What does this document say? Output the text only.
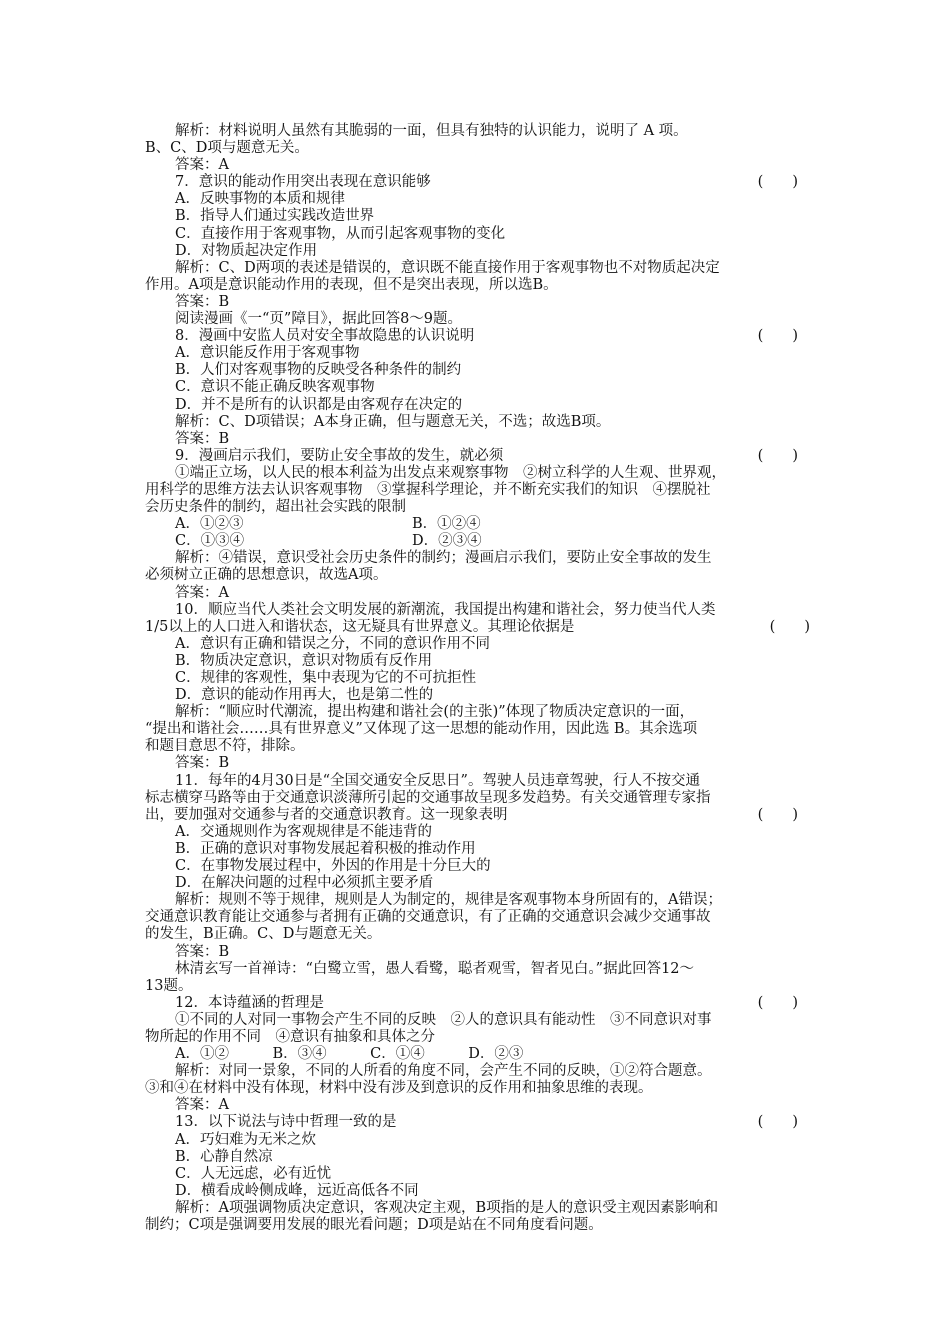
解析：材料说明人虽然有其脆弱的一面，但具有独特的认识能力，说明了 A 项。
B、C、D项与题意无关。
答案：A
7．意识的能动作用突出表现在意识能够	(　　)
A．反映事物的本质和规律
B．指导人们通过实践改造世界
C．直接作用于客观事物，从而引起客观事物的变化
D．对物质起决定作用
解析：C、D两项的表述是错误的，意识既不能直接作用于客观事物也不对物质起决定
作用。A项是意识能动作用的表现，但不是突出表现，所以选B。
答案：B
阅读漫画《一“页”障目》，据此回答8～9题。
8．漫画中安监人员对安全事故隐患的认识说明	(　　)
A．意识能反作用于客观事物
B．人们对客观事物的反映受各种条件的制约
C．意识不能正确反映客观事物
D．并不是所有的认识都是由客观存在决定的
解析：C、D项错误；A本身正确，但与题意无关，不选；故选B项。
答案：B
9．漫画启示我们，要防止安全事故的发生，就必须	(　　)
①端正立场，以人民的根本利益为出发点来观察事物　②树立科学的人生观、世界观，
用科学的思维方法去认识客观事物　③掌握科学理论，并不断充实我们的知识　④摆脱社
会历史条件的制约，超出社会实践的限制
A．①②③	B．①②④
C．①③④	D．②③④
解析：④错误，意识受社会历史条件的制约；漫画启示我们，要防止安全事故的发生
必须树立正确的思想意识，故选A项。
答案：A
10．顺应当代人类社会文明发展的新潮流，我国提出构建和谐社会，努力使当代人类
1/5以上的人口进入和谐状态，这无疑具有世界意义。其理论依据是	(　　)
A．意识有正确和错误之分，不同的意识作用不同
B．物质决定意识，意识对物质有反作用
C．规律的客观性，集中表现为它的不可抗拒性
D．意识的能动作用再大，也是第二性的
解析：“顺应时代潮流，提出构建和谐社会(的主张)”体现了物质决定意识的一面，
“提出和谐社会……具有世界意义”又体现了这一思想的能动作用，因此选 B。其余选项
和题目意思不符，排除。
答案：B
11．每年的4月30日是“全国交通安全反思日”。驾驶人员违章驾驶，行人不按交通
标志横穿马路等由于交通意识淡薄所引起的交通事故呈现多发趋势。有关交通管理专家指
出，要加强对交通参与者的交通意识教育。这一现象表明	(　　)
A．交通规则作为客观规律是不能违背的
B．正确的意识对事物发展起着积极的推动作用
C．在事物发展过程中，外因的作用是十分巨大的
D．在解决问题的过程中必须抓主要矛盾
解析：规则不等于规律，规则是人为制定的，规律是客观事物本身所固有的，A错误；
交通意识教育能让交通参与者拥有正确的交通意识，有了正确的交通意识会减少交通事故
的发生，B正确。C、D与题意无关。
答案：B
林清玄写一首禅诗：“白鹭立雪，愚人看鹭，聪者观雪，智者见白。”据此回答12～
13题。
12．本诗蕴涵的哲理是	(　　)
①不同的人对同一事物会产生不同的反映　②人的意识具有能动性　③不同意识对事
物所起的作用不同　④意识有抽象和具体之分
A．①②　　　B．③④　　　C．①④　　　D．②③
解析：对同一景象，不同的人所看的角度不同，会产生不同的反映，①②符合题意。
③和④在材料中没有体现，材料中没有涉及到意识的反作用和抽象思维的表现。
答案：A
13．以下说法与诗中哲理一致的是	(　　)
A．巧妇难为无米之炊
B．心静自然凉
C．人无远虑，必有近忧
D．横看成岭侧成峰，远近高低各不同
解析：A项强调物质决定意识，客观决定主观，B项指的是人的意识受主观因素影响和
制约；C项是强调要用发展的眼光看问题；D项是站在不同角度看问题。
